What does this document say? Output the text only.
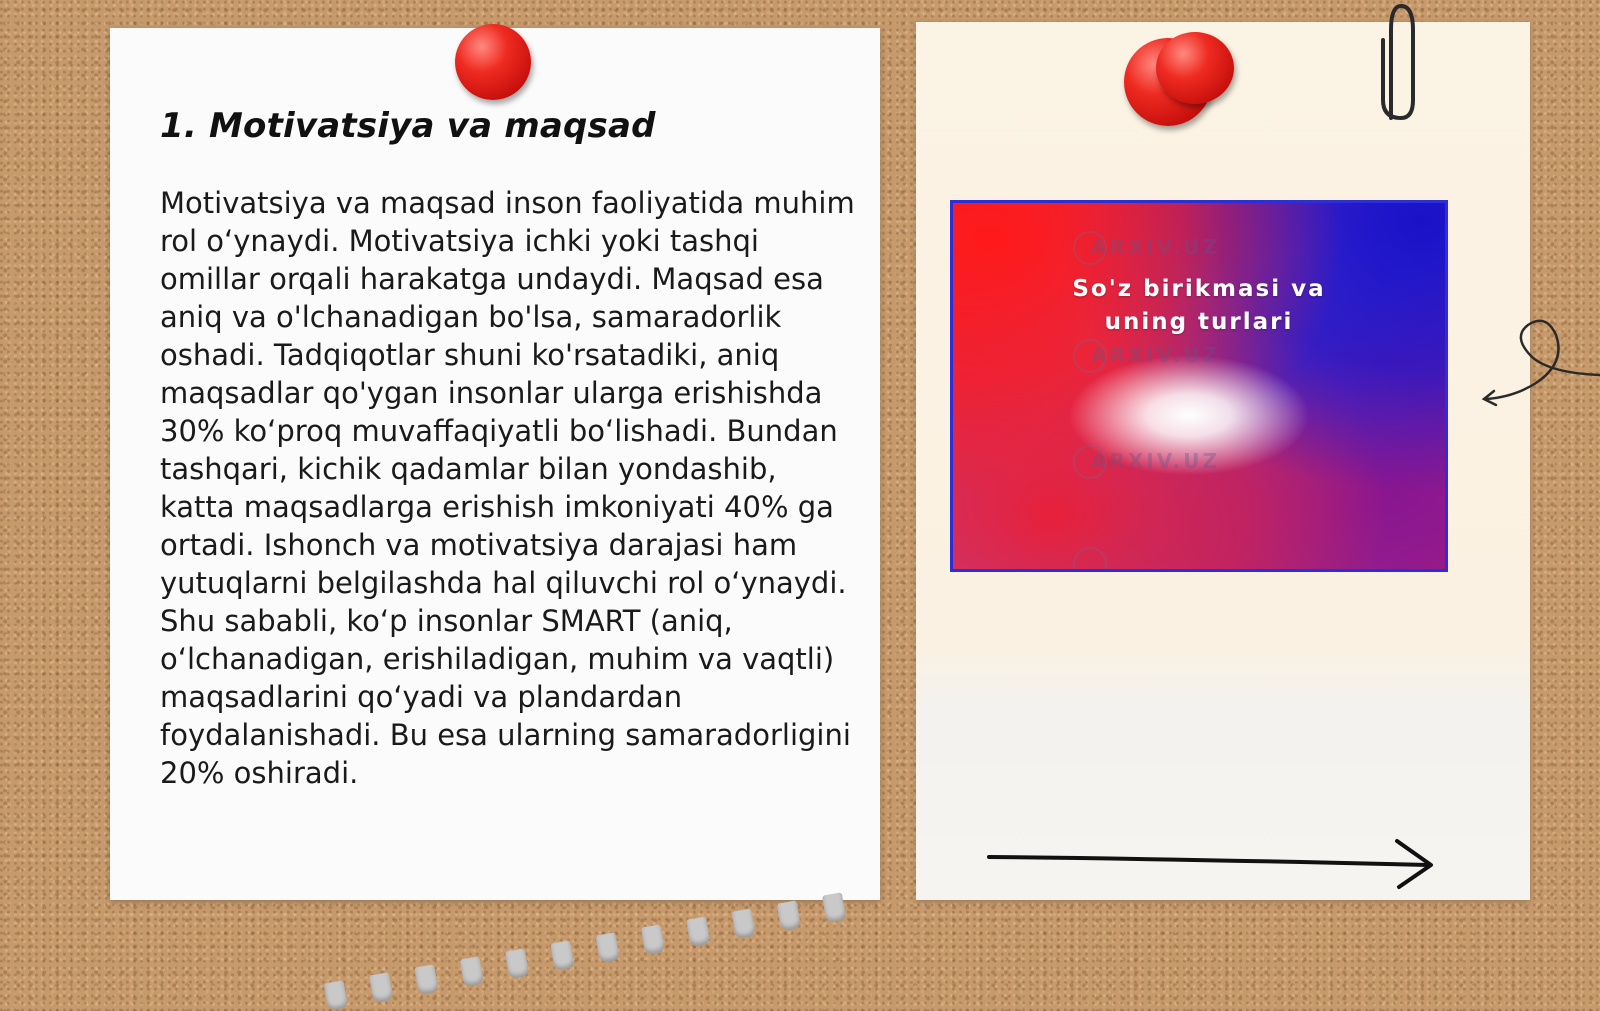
1. Motivatsiya va maqsad
Motivatsiya va maqsad inson faoliyatida muhim rol o‘ynaydi. Motivatsiya ichki yoki tashqi omillar orqali harakatga undaydi. Maqsad esa aniq va o'lchanadigan bo'lsa, samaradorlik oshadi. Tadqiqotlar shuni ko'rsatadiki, aniq maqsadlar qo'ygan insonlar ularga erishishda 30% ko‘proq muvaffaqiyatli bo‘lishadi. Bundan tashqari, kichik qadamlar bilan yondashib, katta maqsadlarga erishish imkoniyati 40% ga ortadi. Ishonch va motivatsiya darajasi ham yutuqlarni belgilashda hal qiluvchi rol o‘ynaydi. Shu sababli, ko‘p insonlar SMART (aniq, o‘lchanadigan, erishiladigan, muhim va vaqtli) maqsadlarini qo‘yadi va plandardan foydalanishadi. Bu esa ularning samaradorligini 20% oshiradi.
ARXIV.UZ
So'z birikmasi va
uning turlari
ARXIV.UZ
ARXIV.UZ
